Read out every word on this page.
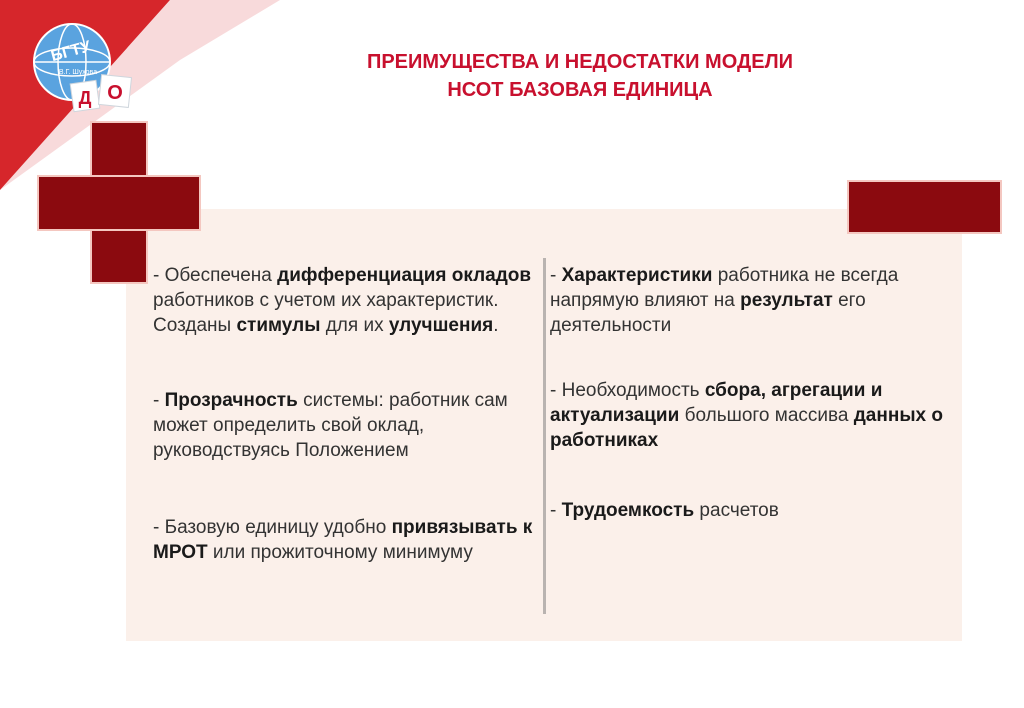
БГТУ
В.Г. Шухова
Д О
ПРЕИМУЩЕСТВА И НЕДОСТАТКИ МОДЕЛИ
НСОТ БАЗОВАЯ ЕДИНИЦА

- Обеспечена дифференциация окладов работников с учетом их характеристик. Созданы стимулы для их улучшения.

- Прозрачность системы: работник сам может определить свой оклад, руководствуясь Положением

- Базовую единицу удобно привязывать к МРОТ или прожиточному минимуму

- Характеристики работника не всегда напрямую влияют на результат его деятельности

- Необходимость сбора, агрегации и актуализации большого массива данных о работниках

- Трудоемкость расчетов
